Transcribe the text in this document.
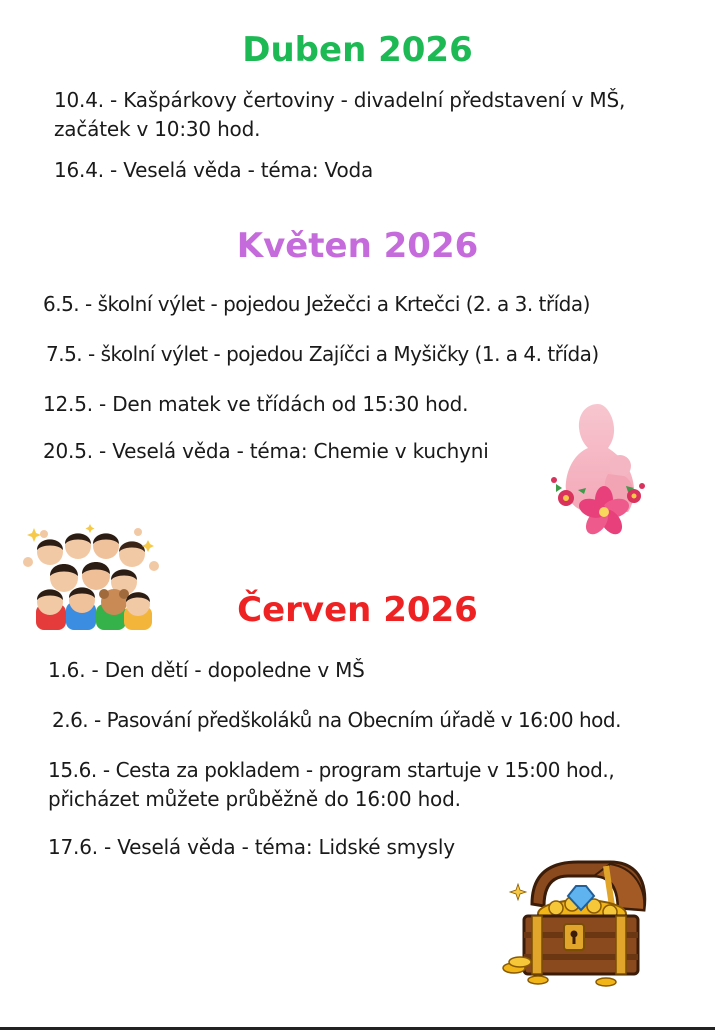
Duben 2026

10.4. - Kašpárkovy čertoviny - divadelní představení v MŠ,

začátek v 10:30 hod.

16.4. - Veselá věda - téma: Voda

Květen 2026

6.5. - školní výlet - pojedou Ježečci a Krtečci (2. a 3. třída)

7.5. - školní výlet - pojedou Zajíčci a Myšičky (1. a 4. třída)

12.5. - Den matek ve třídách od 15:30 hod.

20.5. - Veselá věda - téma: Chemie v kuchyni

Červen 2026

1.6. - Den dětí - dopoledne v MŠ

2.6. - Pasování předškoláků na Obecním úřadě v 16:00 hod.

15.6. - Cesta za pokladem - program startuje v 15:00 hod.,

přicházet můžete průběžně do 16:00 hod.

17.6. - Veselá věda - téma: Lidské smysly
